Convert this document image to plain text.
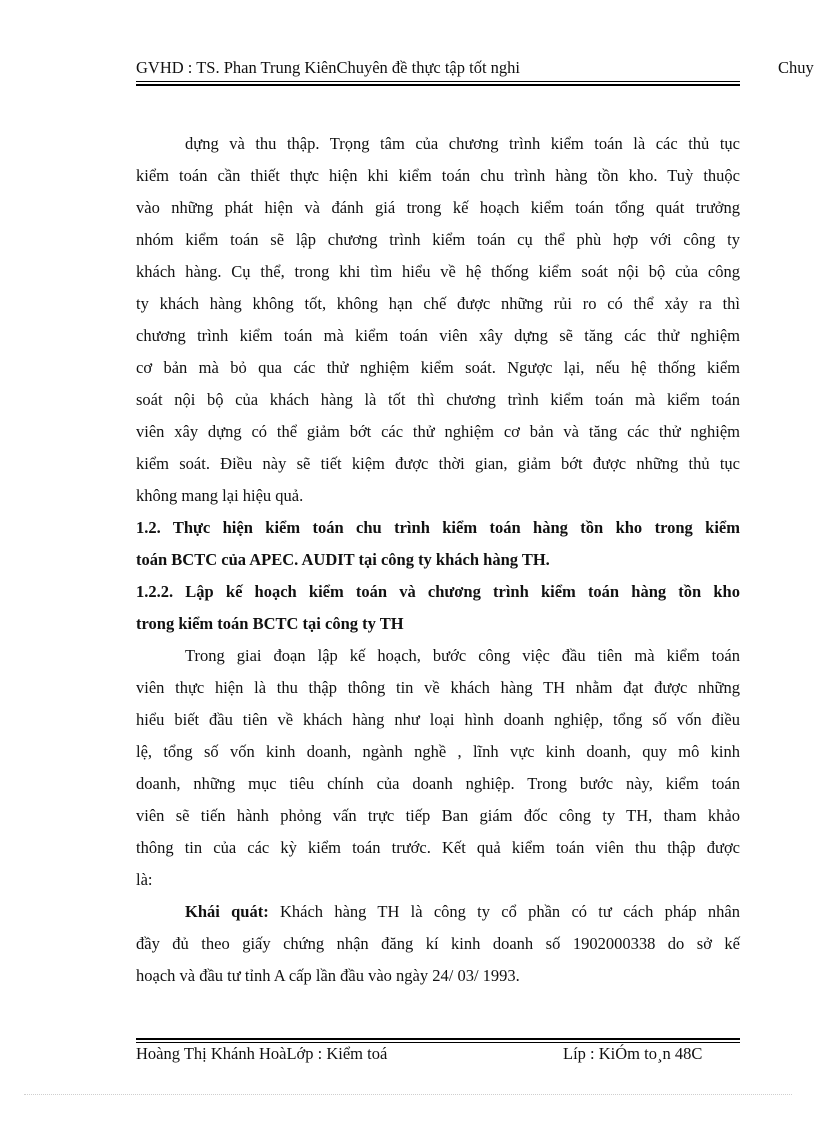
GVHD : TS. Phan Trung KiênChuyên đề thực tập tốt nghi	Chuy

dựng và thu thập. Trọng tâm của chương trình kiểm toán là các thủ tục
kiểm toán cần thiết thực hiện khi kiểm toán chu trình hàng tồn kho. Tuỳ thuộc
vào những phát hiện và đánh giá trong kế hoạch kiểm toán tổng quát trưởng
nhóm kiểm toán sẽ lập chương trình kiểm toán cụ thể phù hợp với công ty
khách hàng. Cụ thể, trong khi tìm hiểu về hệ thống kiểm soát nội bộ của công
ty khách hàng không tốt, không hạn chế được những rủi ro có thể xảy ra thì
chương trình kiểm toán mà kiểm toán viên xây dựng sẽ tăng các thử nghiệm
cơ bản mà bỏ qua các thử nghiệm kiểm soát. Ngược lại, nếu hệ thống kiểm
soát nội bộ của khách hàng là tốt thì chương trình kiểm toán mà kiểm toán
viên xây dựng có thể giảm bớt các thử nghiệm cơ bản và tăng các thử nghiệm
kiểm soát. Điều này sẽ tiết kiệm được thời gian, giảm bớt được những thủ tục
không mang lại hiệu quả.

1.2. Thực hiện kiểm toán chu trình kiểm toán hàng tồn kho trong kiểm
toán BCTC của APEC. AUDIT tại công ty khách hàng TH.

1.2.2. Lập kế hoạch kiểm toán và chương trình kiểm toán hàng tồn kho
trong kiểm toán BCTC tại công ty TH

Trong giai đoạn lập kế hoạch, bước công việc đầu tiên mà kiểm toán
viên thực hiện là thu thập thông tin về khách hàng TH nhằm đạt được những
hiểu biết đầu tiên về khách hàng như loại hình doanh nghiệp, tổng số vốn điều
lệ, tổng số vốn kinh doanh, ngành nghề , lĩnh vực kinh doanh, quy mô kinh
doanh, những mục tiêu chính của doanh nghiệp. Trong bước này, kiểm toán
viên sẽ tiến hành phỏng vấn trực tiếp Ban giám đốc công ty TH, tham khảo
thông tin của các kỳ kiểm toán trước. Kết quả kiểm toán viên thu thập được
là:

Khái quát: Khách hàng TH là công ty cổ phần có tư cách pháp nhân
đầy đủ theo giấy chứng nhận đăng kí kinh doanh số 1902000338 do sở kế
hoạch và đầu tư tỉnh A cấp lần đầu vào ngày 24/ 03/ 1993.

Hoàng Thị Khánh HoàLớp : Kiểm toá	Líp : KiÓm to¸n 48C
